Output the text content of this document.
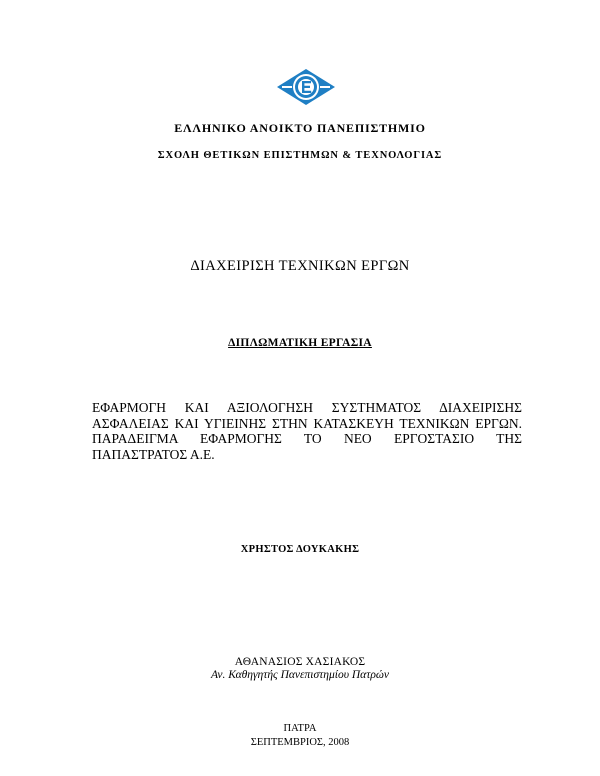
ΕΛΛΗΝΙΚΟ ΑΝΟΙΚΤΟ ΠΑΝΕΠΙΣΤΗΜΙΟ
ΣΧΟΛΗ ΘΕΤΙΚΩΝ ΕΠΙΣΤΗΜΩΝ & ΤΕΧΝΟΛΟΓΙΑΣ
ΔΙΑΧΕΙΡΙΣΗ ΤΕΧΝΙΚΩΝ ΕΡΓΩΝ
ΔΙΠΛΩΜΑΤΙΚΗ ΕΡΓΑΣΙΑ
ΕΦΑΡΜΟΓΗ ΚΑΙ ΑΞΙΟΛΟΓΗΣΗ ΣΥΣΤΗΜΑΤΟΣ ΔΙΑΧΕΙΡΙΣΗΣ ΑΣΦΑΛΕΙΑΣ ΚΑΙ ΥΓΙΕΙΝΗΣ ΣΤΗΝ ΚΑΤΑΣΚΕΥΗ ΤΕΧΝΙΚΩΝ ΕΡΓΩΝ. ΠΑΡΑΔΕΙΓΜΑ ΕΦΑΡΜΟΓΗΣ ΤΟ ΝΕΟ ΕΡΓΟΣΤΑΣΙΟ ΤΗΣ ΠΑΠΑΣΤΡΑΤΟΣ Α.Ε.
ΧΡΗΣΤΟΣ ΔΟΥΚΑΚΗΣ
ΑΘΑΝΑΣΙΟΣ ΧΑΣΙΑΚΟΣ
Αν. Καθηγητής Πανεπιστημίου Πατρών
ΠΑΤΡΑ
ΣΕΠΤΕΜΒΡΙΟΣ, 2008
